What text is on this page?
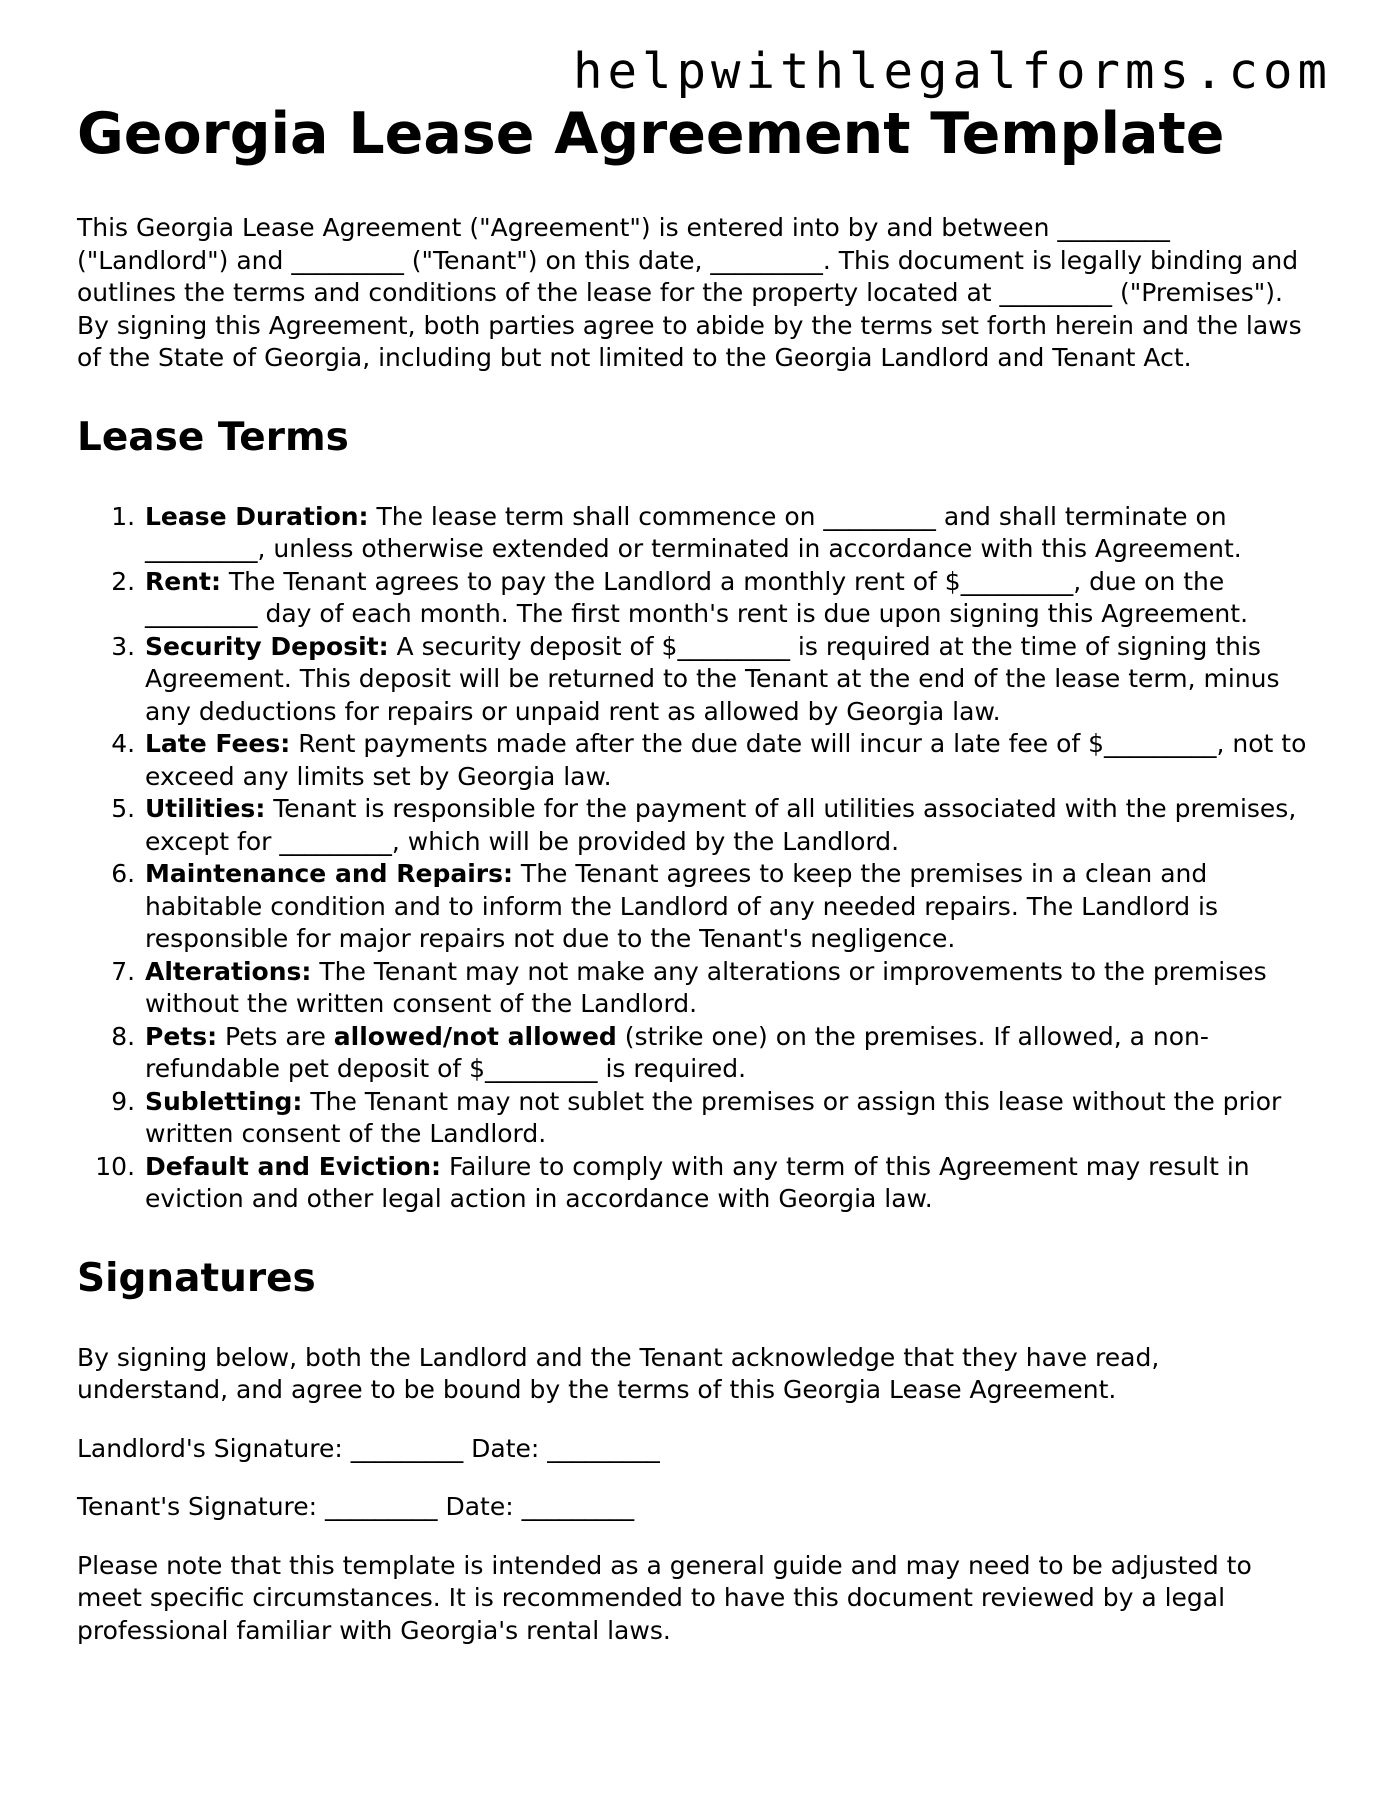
helpwithlegalforms.com
Georgia Lease Agreement Template

This Georgia Lease Agreement ("Agreement") is entered into by and between _________ ("Landlord") and _________ ("Tenant") on this date, _________. This document is legally binding and outlines the terms and conditions of the lease for the property located at _________ ("Premises"). By signing this Agreement, both parties agree to abide by the terms set forth herein and the laws of the State of Georgia, including but not limited to the Georgia Landlord and Tenant Act.

Lease Terms
1. Lease Duration: The lease term shall commence on _________ and shall terminate on _________, unless otherwise extended or terminated in accordance with this Agreement.
2. Rent: The Tenant agrees to pay the Landlord a monthly rent of $_________, due on the _________ day of each month. The first month's rent is due upon signing this Agreement.
3. Security Deposit: A security deposit of $_________ is required at the time of signing this Agreement. This deposit will be returned to the Tenant at the end of the lease term, minus any deductions for repairs or unpaid rent as allowed by Georgia law.
4. Late Fees: Rent payments made after the due date will incur a late fee of $_________, not to exceed any limits set by Georgia law.
5. Utilities: Tenant is responsible for the payment of all utilities associated with the premises, except for _________, which will be provided by the Landlord.
6. Maintenance and Repairs: The Tenant agrees to keep the premises in a clean and habitable condition and to inform the Landlord of any needed repairs. The Landlord is responsible for major repairs not due to the Tenant's negligence.
7. Alterations: The Tenant may not make any alterations or improvements to the premises without the written consent of the Landlord.
8. Pets: Pets are allowed/not allowed (strike one) on the premises. If allowed, a non-refundable pet deposit of $_________ is required.
9. Subletting: The Tenant may not sublet the premises or assign this lease without the prior written consent of the Landlord.
10. Default and Eviction: Failure to comply with any term of this Agreement may result in eviction and other legal action in accordance with Georgia law.
Signatures

By signing below, both the Landlord and the Tenant acknowledge that they have read, understand, and agree to be bound by the terms of this Georgia Lease Agreement.

Landlord's Signature: _________ Date: _________

Tenant's Signature: _________ Date: _________

Please note that this template is intended as a general guide and may need to be adjusted to meet specific circumstances. It is recommended to have this document reviewed by a legal professional familiar with Georgia's rental laws.
